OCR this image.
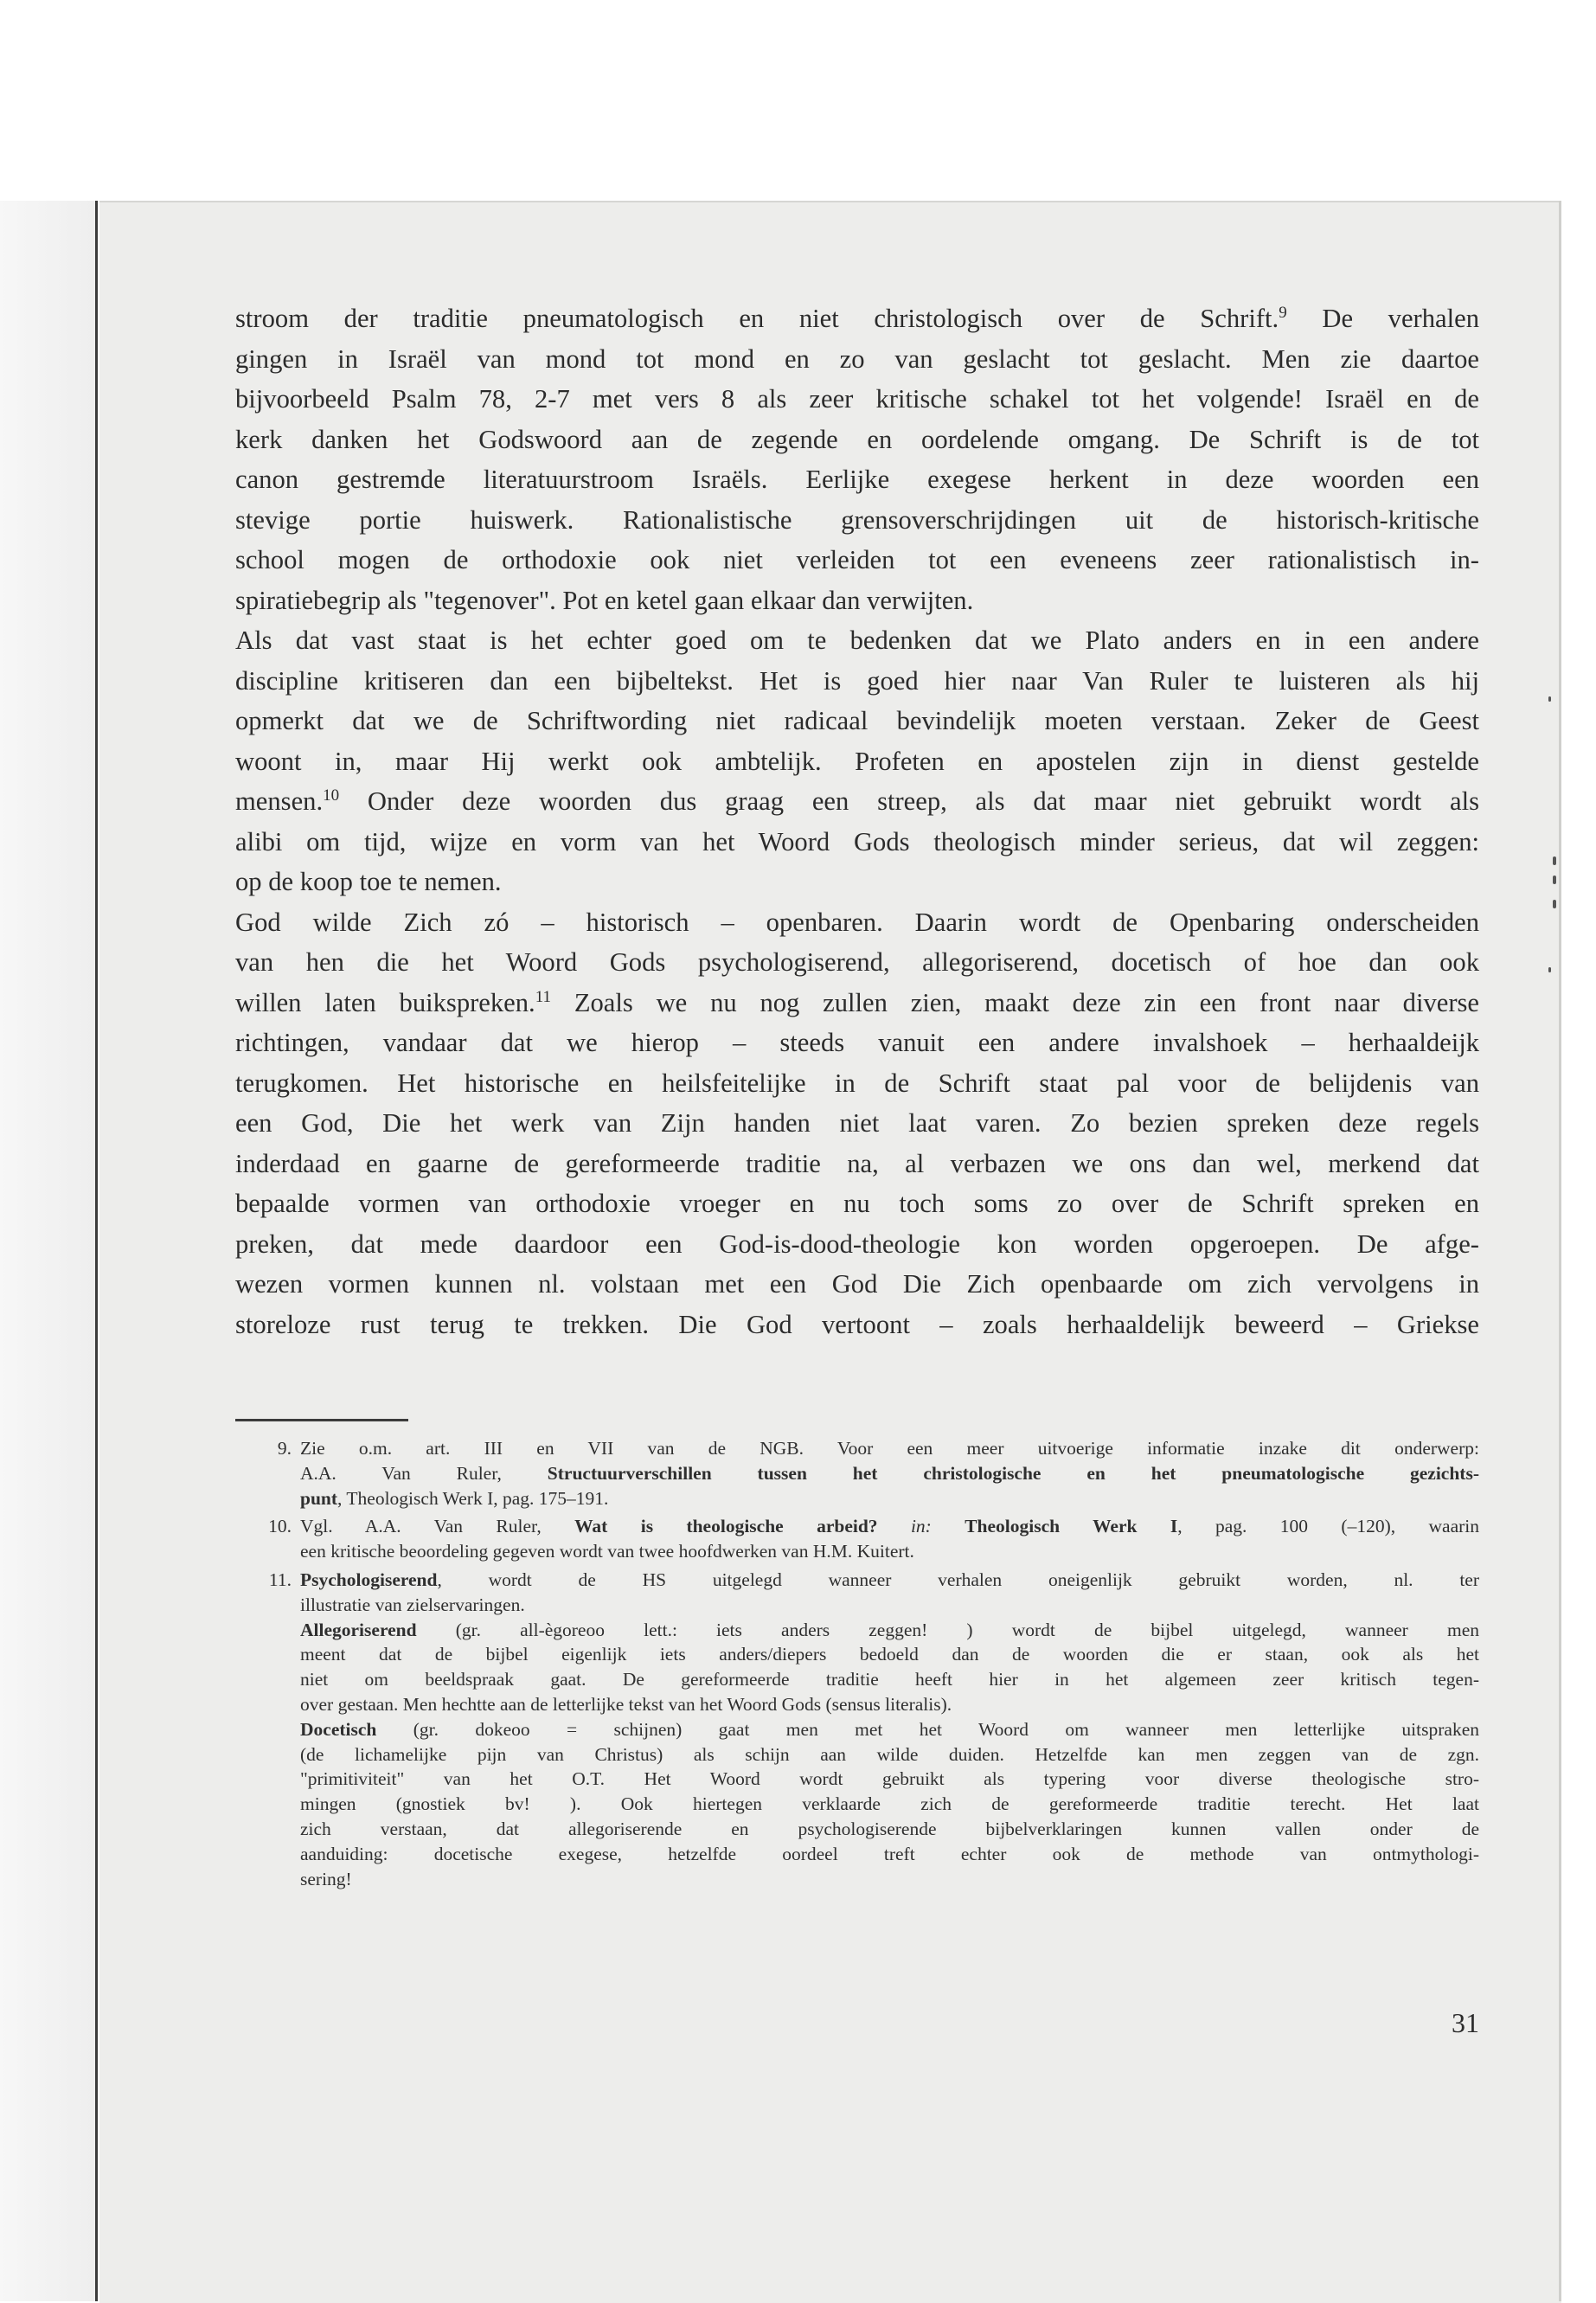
stroom der traditie pneumatologisch en niet christologisch over de Schrift.$^9$ De verhalen
gingen in Israël van mond tot mond en zo van geslacht tot geslacht. Men zie daartoe
bijvoorbeeld Psalm 78, 2-7 met vers 8 als zeer kritische schakel tot het volgende! Israël en de
kerk danken het Godswoord aan de zegende en oordelende omgang. De Schrift is de tot
canon gestremde literatuurstroom Israëls. Eerlijke exegese herkent in deze woorden een
stevige portie huiswerk. Rationalistische grensoverschrijdingen uit de historisch-kritische
school mogen de orthodoxie ook niet verleiden tot een eveneens zeer rationalistisch in-
spiratiebegrip als "tegenover". Pot en ketel gaan elkaar dan verwijten.
Als dat vast staat is het echter goed om te bedenken dat we Plato anders en in een andere
discipline kritiseren dan een bijbeltekst. Het is goed hier naar Van Ruler te luisteren als hij
opmerkt dat we de Schriftwording niet radicaal bevindelijk moeten verstaan. Zeker de Geest
woont in, maar Hij werkt ook ambtelijk. Profeten en apostelen zijn in dienst gestelde
mensen.$^{10}$ Onder deze woorden dus graag een streep, als dat maar niet gebruikt wordt als
alibi om tijd, wijze en vorm van het Woord Gods theologisch minder serieus, dat wil zeggen:
op de koop toe te nemen.
God wilde Zich zó – historisch – openbaren. Daarin wordt de Openbaring onderscheiden
van hen die het Woord Gods psychologiserend, allegoriserend, docetisch of hoe dan ook
willen laten buikspreken.$^{11}$ Zoals we nu nog zullen zien, maakt deze zin een front naar diverse
richtingen, vandaar dat we hierop – steeds vanuit een andere invalshoek – herhaaldeijk
terugkomen. Het historische en heilsfeitelijke in de Schrift staat pal voor de belijdenis van
een God, Die het werk van Zijn handen niet laat varen. Zo bezien spreken deze regels
inderdaad en gaarne de gereformeerde traditie na, al verbazen we ons dan wel, merkend dat
bepaalde vormen van orthodoxie vroeger en nu toch soms zo over de Schrift spreken en
preken, dat mede daardoor een God-is-dood-theologie kon worden opgeroepen. De afge-
wezen vormen kunnen nl. volstaan met een God Die Zich openbaarde om zich vervolgens in
storeloze rust terug te trekken. Die God vertoont – zoals herhaaldelijk beweerd – Griekse
9. Zie o.m. art. III en VII van de NGB. Voor een meer uitvoerige informatie inzake dit onderwerp:
A.A. Van Ruler, Structuurverschillen tussen het christologische en het pneumatologische gezichts-
punt, Theologisch Werk I, pag. 175–191.
10. Vgl. A.A. Van Ruler, Wat is theologische arbeid? in: Theologisch Werk I, pag. 100 (–120), waarin
een kritische beoordeling gegeven wordt van twee hoofdwerken van H.M. Kuitert.
11. Psychologiserend, wordt de HS uitgelegd wanneer verhalen oneigenlijk gebruikt worden, nl. ter
illustratie van zielservaringen.
Allegoriserend (gr. all-ègoreoo lett.: iets anders zeggen! ) wordt de bijbel uitgelegd, wanneer men
meent dat de bijbel eigenlijk iets anders/diepers bedoeld dan de woorden die er staan, ook als het
niet om beeldspraak gaat. De gereformeerde traditie heeft hier in het algemeen zeer kritisch tegen-
over gestaan. Men hechtte aan de letterlijke tekst van het Woord Gods (sensus literalis).
Docetisch (gr. dokeoo = schijnen) gaat men met het Woord om wanneer men letterlijke uitspraken
(de lichamelijke pijn van Christus) als schijn aan wilde duiden. Hetzelfde kan men zeggen van de zgn.
"primitiviteit" van het O.T. Het Woord wordt gebruikt als typering voor diverse theologische stro-
mingen (gnostiek bv! ). Ook hiertegen verklaarde zich de gereformeerde traditie terecht. Het laat
zich verstaan, dat allegoriserende en psychologiserende bijbelverklaringen kunnen vallen onder de
aanduiding: docetische exegese, hetzelfde oordeel treft echter ook de methode van ontmythologi-
sering!
31
